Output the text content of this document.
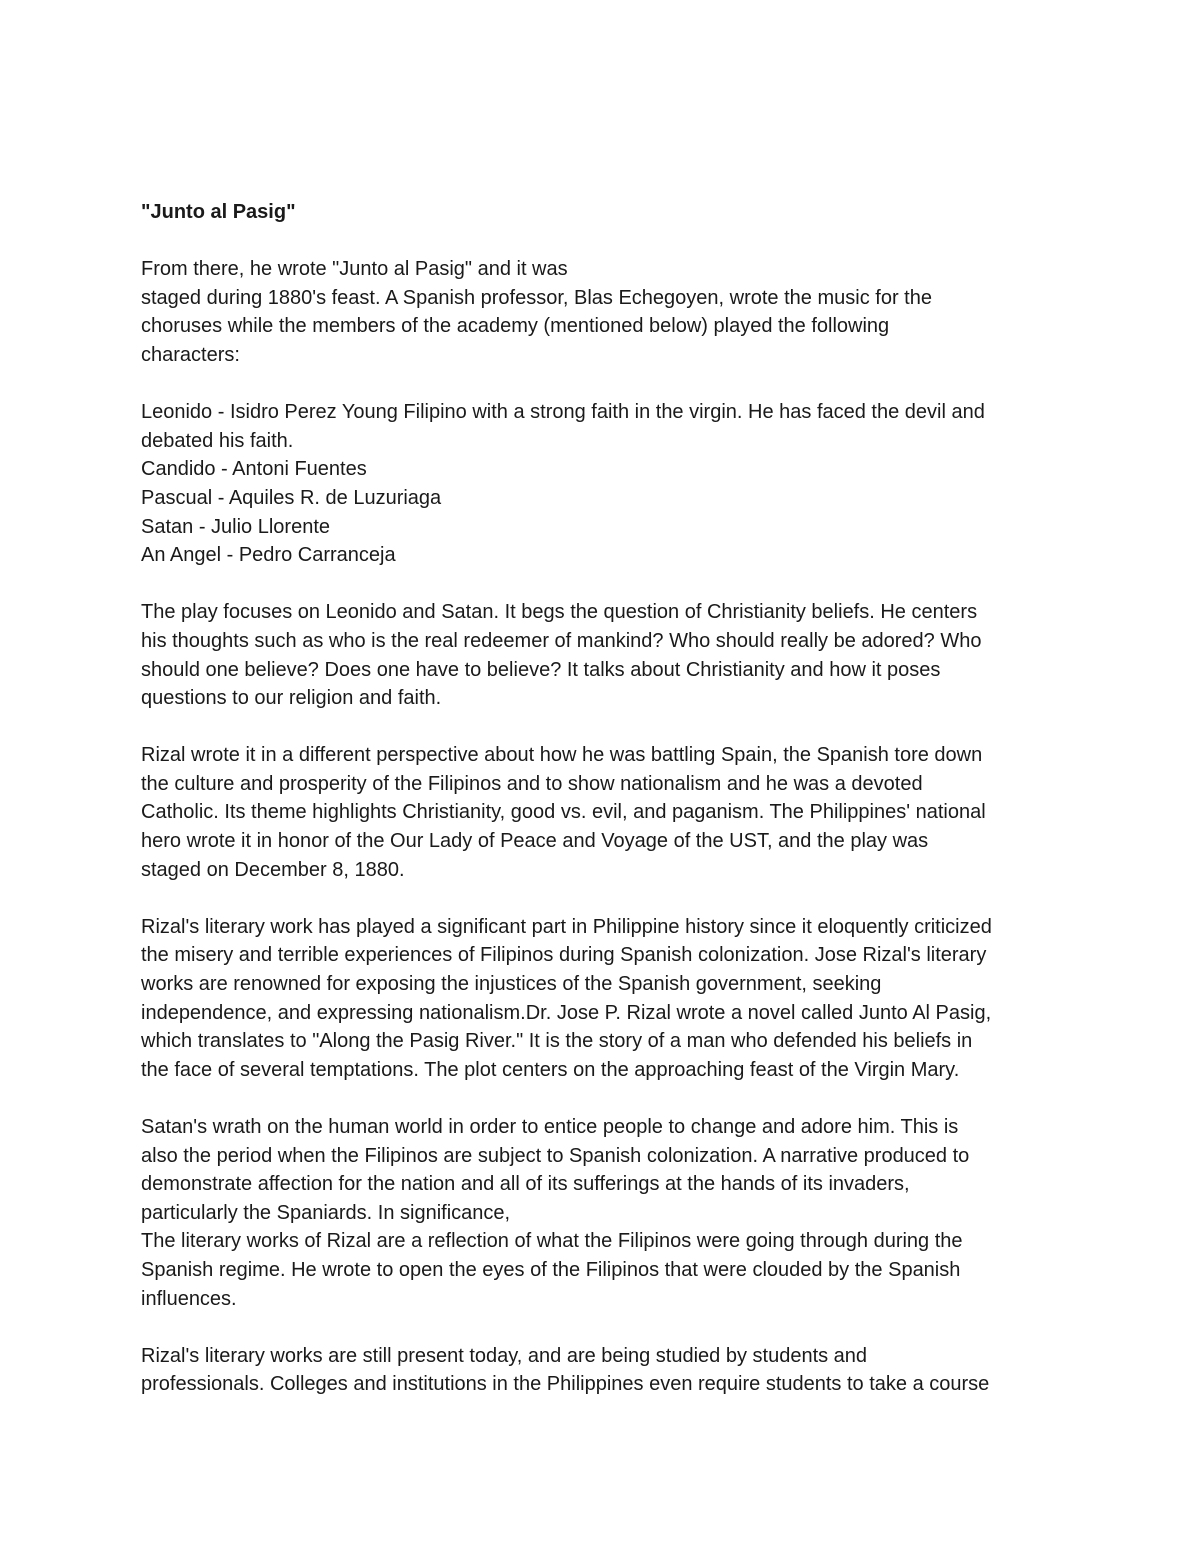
"Junto al Pasig"
From there, he wrote "Junto al Pasig" and it was
staged during 1880's feast. A Spanish professor, Blas Echegoyen, wrote the music for the
choruses while the members of the academy (mentioned below) played the following
characters:
Leonido - Isidro Perez Young Filipino with a strong faith in the virgin. He has faced the devil and
debated his faith.
Candido - Antoni Fuentes
Pascual - Aquiles R. de Luzuriaga
Satan - Julio Llorente
An Angel - Pedro Carranceja
The play focuses on Leonido and Satan. It begs the question of Christianity beliefs. He centers
his thoughts such as who is the real redeemer of mankind? Who should really be adored? Who
should one believe? Does one have to believe? It talks about Christianity and how it poses
questions to our religion and faith.
Rizal wrote it in a different perspective about how he was battling Spain, the Spanish tore down
the culture and prosperity of the Filipinos and to show nationalism and he was a devoted
Catholic. Its theme highlights Christianity, good vs. evil, and paganism. The Philippines' national
hero wrote it in honor of the Our Lady of Peace and Voyage of the UST, and the play was
staged on December 8, 1880.
Rizal's literary work has played a significant part in Philippine history since it eloquently criticized
the misery and terrible experiences of Filipinos during Spanish colonization. Jose Rizal's literary
works are renowned for exposing the injustices of the Spanish government, seeking
independence, and expressing nationalism.Dr. Jose P. Rizal wrote a novel called Junto Al Pasig,
which translates to "Along the Pasig River." It is the story of a man who defended his beliefs in
the face of several temptations. The plot centers on the approaching feast of the Virgin Mary.
Satan's wrath on the human world in order to entice people to change and adore him. This is
also the period when the Filipinos are subject to Spanish colonization. A narrative produced to
demonstrate affection for the nation and all of its sufferings at the hands of its invaders,
particularly the Spaniards. In significance,
The literary works of Rizal are a reflection of what the Filipinos were going through during the
Spanish regime. He wrote to open the eyes of the Filipinos that were clouded by the Spanish
influences.
Rizal's literary works are still present today, and are being studied by students and
professionals. Colleges and institutions in the Philippines even require students to take a course
